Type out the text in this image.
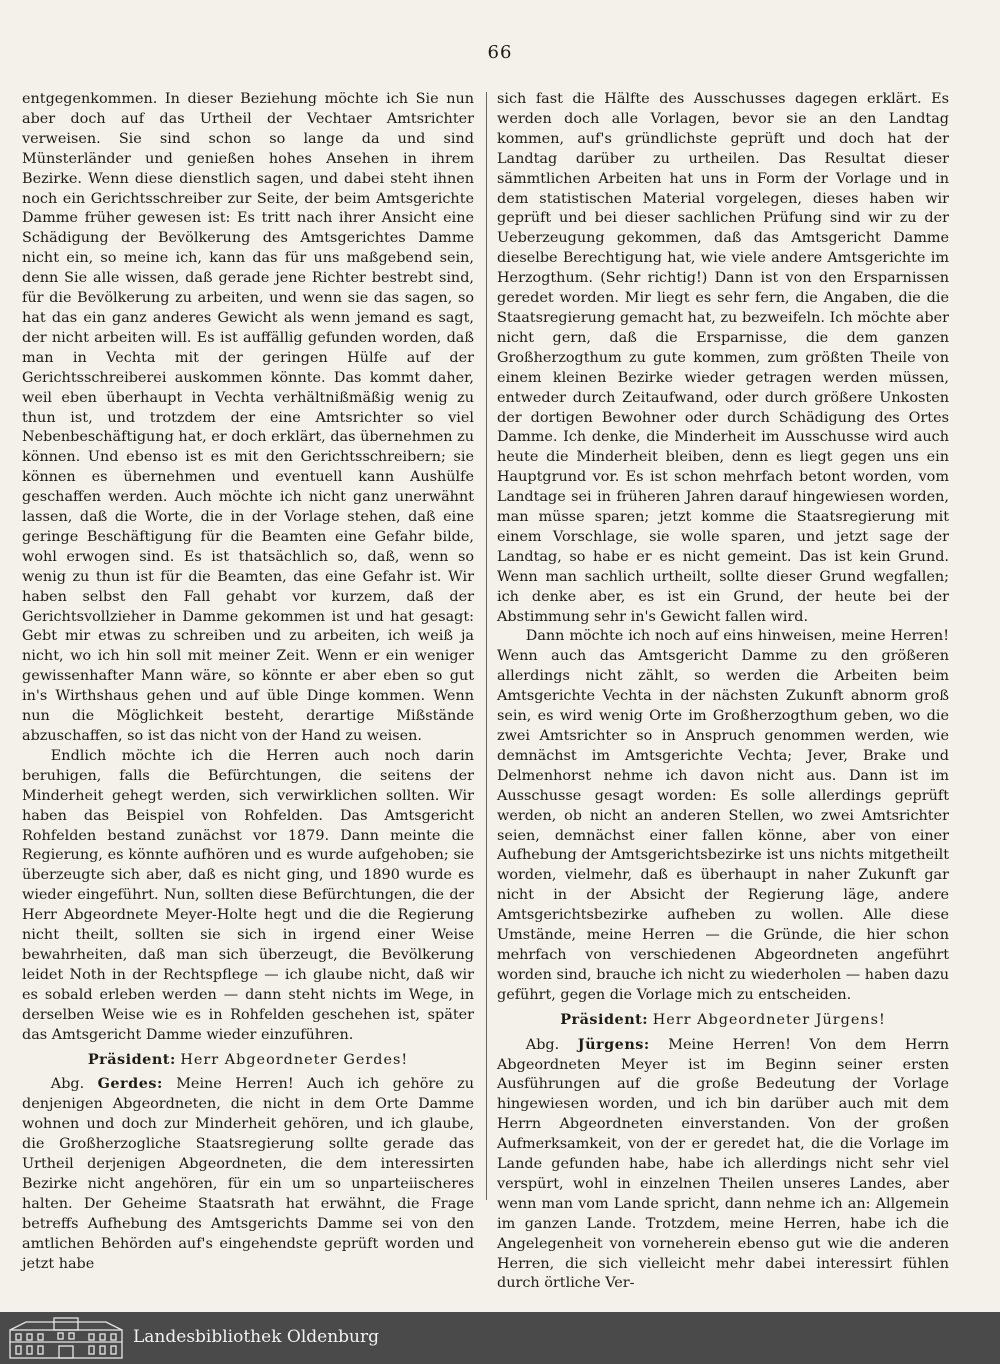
66

entgegenkommen. In dieser Beziehung möchte ich Sie nun aber doch auf das Urtheil der Vechtaer Amtsrichter verweisen. Sie sind schon so lange da und sind Münsterländer und genießen hohes Ansehen in ihrem Bezirke. Wenn diese dienstlich sagen, und dabei steht ihnen noch ein Gerichtsschreiber zur Seite, der beim Amtsgerichte Damme früher gewesen ist: Es tritt nach ihrer Ansicht eine Schädigung der Bevölkerung des Amtsgerichtes Damme nicht ein, so meine ich, kann das für uns maßgebend sein, denn Sie alle wissen, daß gerade jene Richter bestrebt sind, für die Bevölkerung zu arbeiten, und wenn sie das sagen, so hat das ein ganz anderes Gewicht als wenn jemand es sagt, der nicht arbeiten will. Es ist auffällig gefunden worden, daß man in Vechta mit der geringen Hülfe auf der Gerichtsschreiberei auskommen könnte. Das kommt daher, weil eben überhaupt in Vechta verhältnißmäßig wenig zu thun ist, und trotzdem der eine Amtsrichter so viel Nebenbeschäftigung hat, er doch erklärt, das übernehmen zu können. Und ebenso ist es mit den Gerichtsschreibern; sie können es übernehmen und eventuell kann Aushülfe geschaffen werden. Auch möchte ich nicht ganz unerwähnt lassen, daß die Worte, die in der Vorlage stehen, daß eine geringe Beschäftigung für die Beamten eine Gefahr bilde, wohl erwogen sind. Es ist thatsächlich so, daß, wenn so wenig zu thun ist für die Beamten, das eine Gefahr ist. Wir haben selbst den Fall gehabt vor kurzem, daß der Gerichtsvollzieher in Damme gekommen ist und hat gesagt: Gebt mir etwas zu schreiben und zu arbeiten, ich weiß ja nicht, wo ich hin soll mit meiner Zeit. Wenn er ein weniger gewissenhafter Mann wäre, so könnte er aber eben so gut in's Wirthshaus gehen und auf üble Dinge kommen. Wenn nun die Möglichkeit besteht, derartige Mißstände abzuschaffen, so ist das nicht von der Hand zu weisen.

Endlich möchte ich die Herren auch noch darin beruhigen, falls die Befürchtungen, die seitens der Minderheit gehegt werden, sich verwirklichen sollten. Wir haben das Beispiel von Rohfelden. Das Amtsgericht Rohfelden bestand zunächst vor 1879. Dann meinte die Regierung, es könnte aufhören und es wurde aufgehoben; sie überzeugte sich aber, daß es nicht ging, und 1890 wurde es wieder eingeführt. Nun, sollten diese Befürchtungen, die der Herr Abgeordnete Meyer-Holte hegt und die die Regierung nicht theilt, sollten sie sich in irgend einer Weise bewahrheiten, daß man sich überzeugt, die Bevölkerung leidet Noth in der Rechtspflege — ich glaube nicht, daß wir es sobald erleben werden — dann steht nichts im Wege, in derselben Weise wie es in Rohfelden geschehen ist, später das Amtsgericht Damme wieder einzuführen.

Präsident: Herr Abgeordneter Gerdes!

Abg. Gerdes: Meine Herren! Auch ich gehöre zu denjenigen Abgeordneten, die nicht in dem Orte Damme wohnen und doch zur Minderheit gehören, und ich glaube, die Großherzogliche Staatsregierung sollte gerade das Urtheil derjenigen Abgeordneten, die dem interessirten Bezirke nicht angehören, für ein um so unparteiischeres halten. Der Geheime Staatsrath hat erwähnt, die Frage betreffs Aufhebung des Amtsgerichts Damme sei von den amtlichen Behörden auf's eingehendste geprüft worden und jetzt habe

sich fast die Hälfte des Ausschusses dagegen erklärt. Es werden doch alle Vorlagen, bevor sie an den Landtag kommen, auf's gründlichste geprüft und doch hat der Landtag darüber zu urtheilen. Das Resultat dieser sämmtlichen Arbeiten hat uns in Form der Vorlage und in dem statistischen Material vorgelegen, dieses haben wir geprüft und bei dieser sachlichen Prüfung sind wir zu der Ueberzeugung gekommen, daß das Amtsgericht Damme dieselbe Berechtigung hat, wie viele andere Amtsgerichte im Herzogthum. (Sehr richtig!) Dann ist von den Ersparnissen geredet worden. Mir liegt es sehr fern, die Angaben, die die Staatsregierung gemacht hat, zu bezweifeln. Ich möchte aber nicht gern, daß die Ersparnisse, die dem ganzen Großherzogthum zu gute kommen, zum größten Theile von einem kleinen Bezirke wieder getragen werden müssen, entweder durch Zeitaufwand, oder durch größere Unkosten der dortigen Bewohner oder durch Schädigung des Ortes Damme. Ich denke, die Minderheit im Ausschusse wird auch heute die Minderheit bleiben, denn es liegt gegen uns ein Hauptgrund vor. Es ist schon mehrfach betont worden, vom Landtage sei in früheren Jahren darauf hingewiesen worden, man müsse sparen; jetzt komme die Staatsregierung mit einem Vorschlage, sie wolle sparen, und jetzt sage der Landtag, so habe er es nicht gemeint. Das ist kein Grund. Wenn man sachlich urtheilt, sollte dieser Grund wegfallen; ich denke aber, es ist ein Grund, der heute bei der Abstimmung sehr in's Gewicht fallen wird.

Dann möchte ich noch auf eins hinweisen, meine Herren! Wenn auch das Amtsgericht Damme zu den größeren allerdings nicht zählt, so werden die Arbeiten beim Amtsgerichte Vechta in der nächsten Zukunft abnorm groß sein, es wird wenig Orte im Großherzogthum geben, wo die zwei Amtsrichter so in Anspruch genommen werden, wie demnächst im Amtsgerichte Vechta; Jever, Brake und Delmenhorst nehme ich davon nicht aus. Dann ist im Ausschusse gesagt worden: Es solle allerdings geprüft werden, ob nicht an anderen Stellen, wo zwei Amtsrichter seien, demnächst einer fallen könne, aber von einer Aufhebung der Amtsgerichtsbezirke ist uns nichts mitgetheilt worden, vielmehr, daß es überhaupt in naher Zukunft gar nicht in der Absicht der Regierung läge, andere Amtsgerichtsbezirke aufheben zu wollen. Alle diese Umstände, meine Herren — die Gründe, die hier schon mehrfach von verschiedenen Abgeordneten angeführt worden sind, brauche ich nicht zu wiederholen — haben dazu geführt, gegen die Vorlage mich zu entscheiden.

Präsident: Herr Abgeordneter Jürgens!

Abg. Jürgens: Meine Herren! Von dem Herrn Abgeordneten Meyer ist im Beginn seiner ersten Ausführungen auf die große Bedeutung der Vorlage hingewiesen worden, und ich bin darüber auch mit dem Herrn Abgeordneten einverstanden. Von der großen Aufmerksamkeit, von der er geredet hat, die die Vorlage im Lande gefunden habe, habe ich allerdings nicht sehr viel verspürt, wohl in einzelnen Theilen unseres Landes, aber wenn man vom Lande spricht, dann nehme ich an: Allgemein im ganzen Lande. Trotzdem, meine Herren, habe ich die Angelegenheit von vorneherein ebenso gut wie die anderen Herren, die sich vielleicht mehr dabei interessirt fühlen durch örtliche Ver-

Landesbibliothek Oldenburg
